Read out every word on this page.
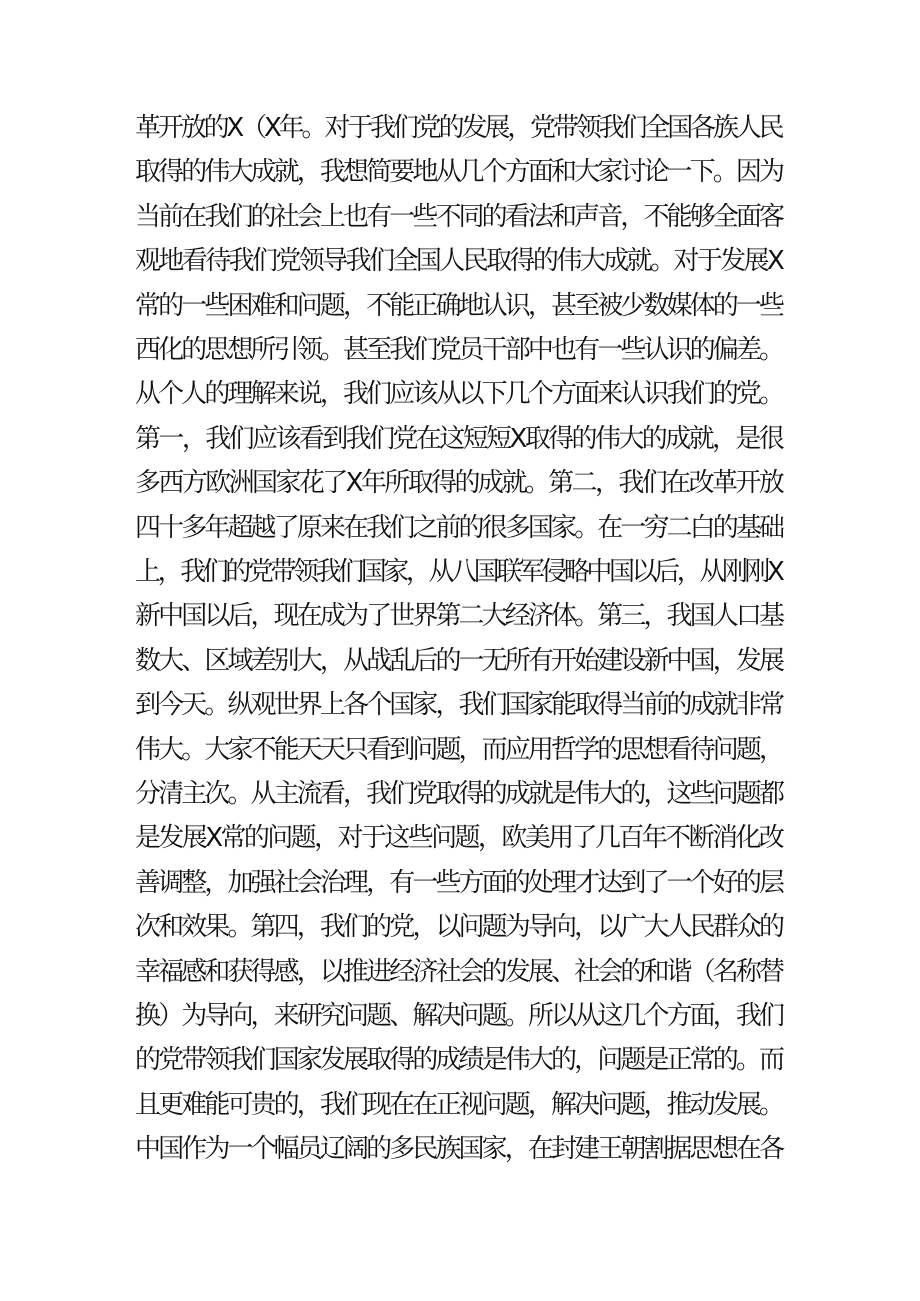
革开放的X（X年。对于我们党的发展，党带领我们全国各族人民
取得的伟大成就，我想简要地从几个方面和大家讨论一下。因为
当前在我们的社会上也有一些不同的看法和声音，不能够全面客
观地看待我们党领导我们全国人民取得的伟大成就。对于发展X
常的一些困难和问题，不能正确地认识，甚至被少数媒体的一些
西化的思想所引领。甚至我们党员干部中也有一些认识的偏差。
从个人的理解来说，我们应该从以下几个方面来认识我们的党。
第一，我们应该看到我们党在这短短X取得的伟大的成就，是很
多西方欧洲国家花了X年所取得的成就。第二，我们在改革开放
四十多年超越了原来在我们之前的很多国家。在一穷二白的基础
上，我们的党带领我们国家，从八国联军侵略中国以后，从刚刚X
新中国以后，现在成为了世界第二大经济体。第三，我国人口基
数大、区域差别大，从战乱后的一无所有开始建设新中国，发展
到今天。纵观世界上各个国家，我们国家能取得当前的成就非常
伟大。大家不能天天只看到问题，而应用哲学的思想看待问题，
分清主次。从主流看，我们党取得的成就是伟大的，这些问题都
是发展X常的问题，对于这些问题，欧美用了几百年不断消化改
善调整，加强社会治理，有一些方面的处理才达到了一个好的层
次和效果。第四，我们的党，以问题为导向，以广大人民群众的
幸福感和获得感，以推进经济社会的发展、社会的和谐（名称替
换）为导向，来研究问题、解决问题。所以从这几个方面，我们
的党带领我们国家发展取得的成绩是伟大的，问题是正常的。而
且更难能可贵的，我们现在在正视问题，解决问题，推动发展。
中国作为一个幅员辽阔的多民族国家，在封建王朝割据思想在各
